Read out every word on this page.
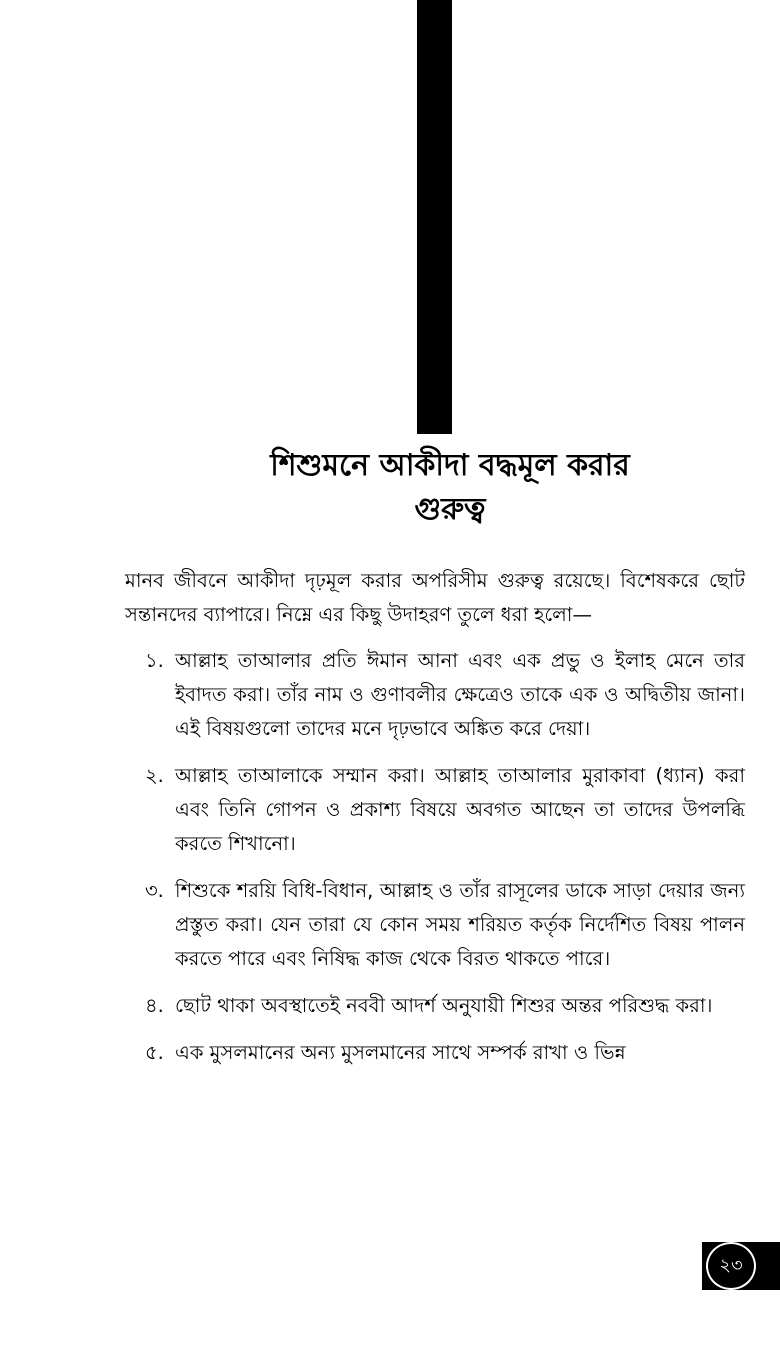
শিশুমনে আকীদা বদ্ধমূল করার
গুরুত্ব

মানব জীবনে আকীদা দৃঢ়মূল করার অপরিসীম গুরুত্ব রয়েছে। বিশেষকরে ছোট সন্তানদের ব্যাপারে। নিম্নে এর কিছু উদাহরণ তুলে ধরা হলো—

১. আল্লাহ তাআলার প্রতি ঈমান আনা এবং এক প্রভু ও ইলাহ মেনে তার ইবাদত করা। তাঁর নাম ও গুণাবলীর ক্ষেত্রেও তাকে এক ও অদ্বিতীয় জানা। এই বিষয়গুলো তাদের মনে দৃঢ়ভাবে অঙ্কিত করে দেয়া।
২. আল্লাহ তাআলাকে সম্মান করা। আল্লাহ তাআলার মুরাকাবা (ধ্যান) করা এবং তিনি গোপন ও প্রকাশ্য বিষয়ে অবগত আছেন তা তাদের উপলব্ধি করতে শিখানো।
৩. শিশুকে শরয়ি বিধি-বিধান, আল্লাহ ও তাঁর রাসূলের ডাকে সাড়া দেয়ার জন্য প্রস্তুত করা। যেন তারা যে কোন সময় শরিয়ত কর্তৃক নির্দেশিত বিষয় পালন করতে পারে এবং নিষিদ্ধ কাজ থেকে বিরত থাকতে পারে।
৪. ছোট থাকা অবস্থাতেই নববী আদর্শ অনুযায়ী শিশুর অন্তর পরিশুদ্ধ করা।
৫. এক মুসলমানের অন্য মুসলমানের সাথে সম্পর্ক রাখা ও ভিন্ন
২৩
